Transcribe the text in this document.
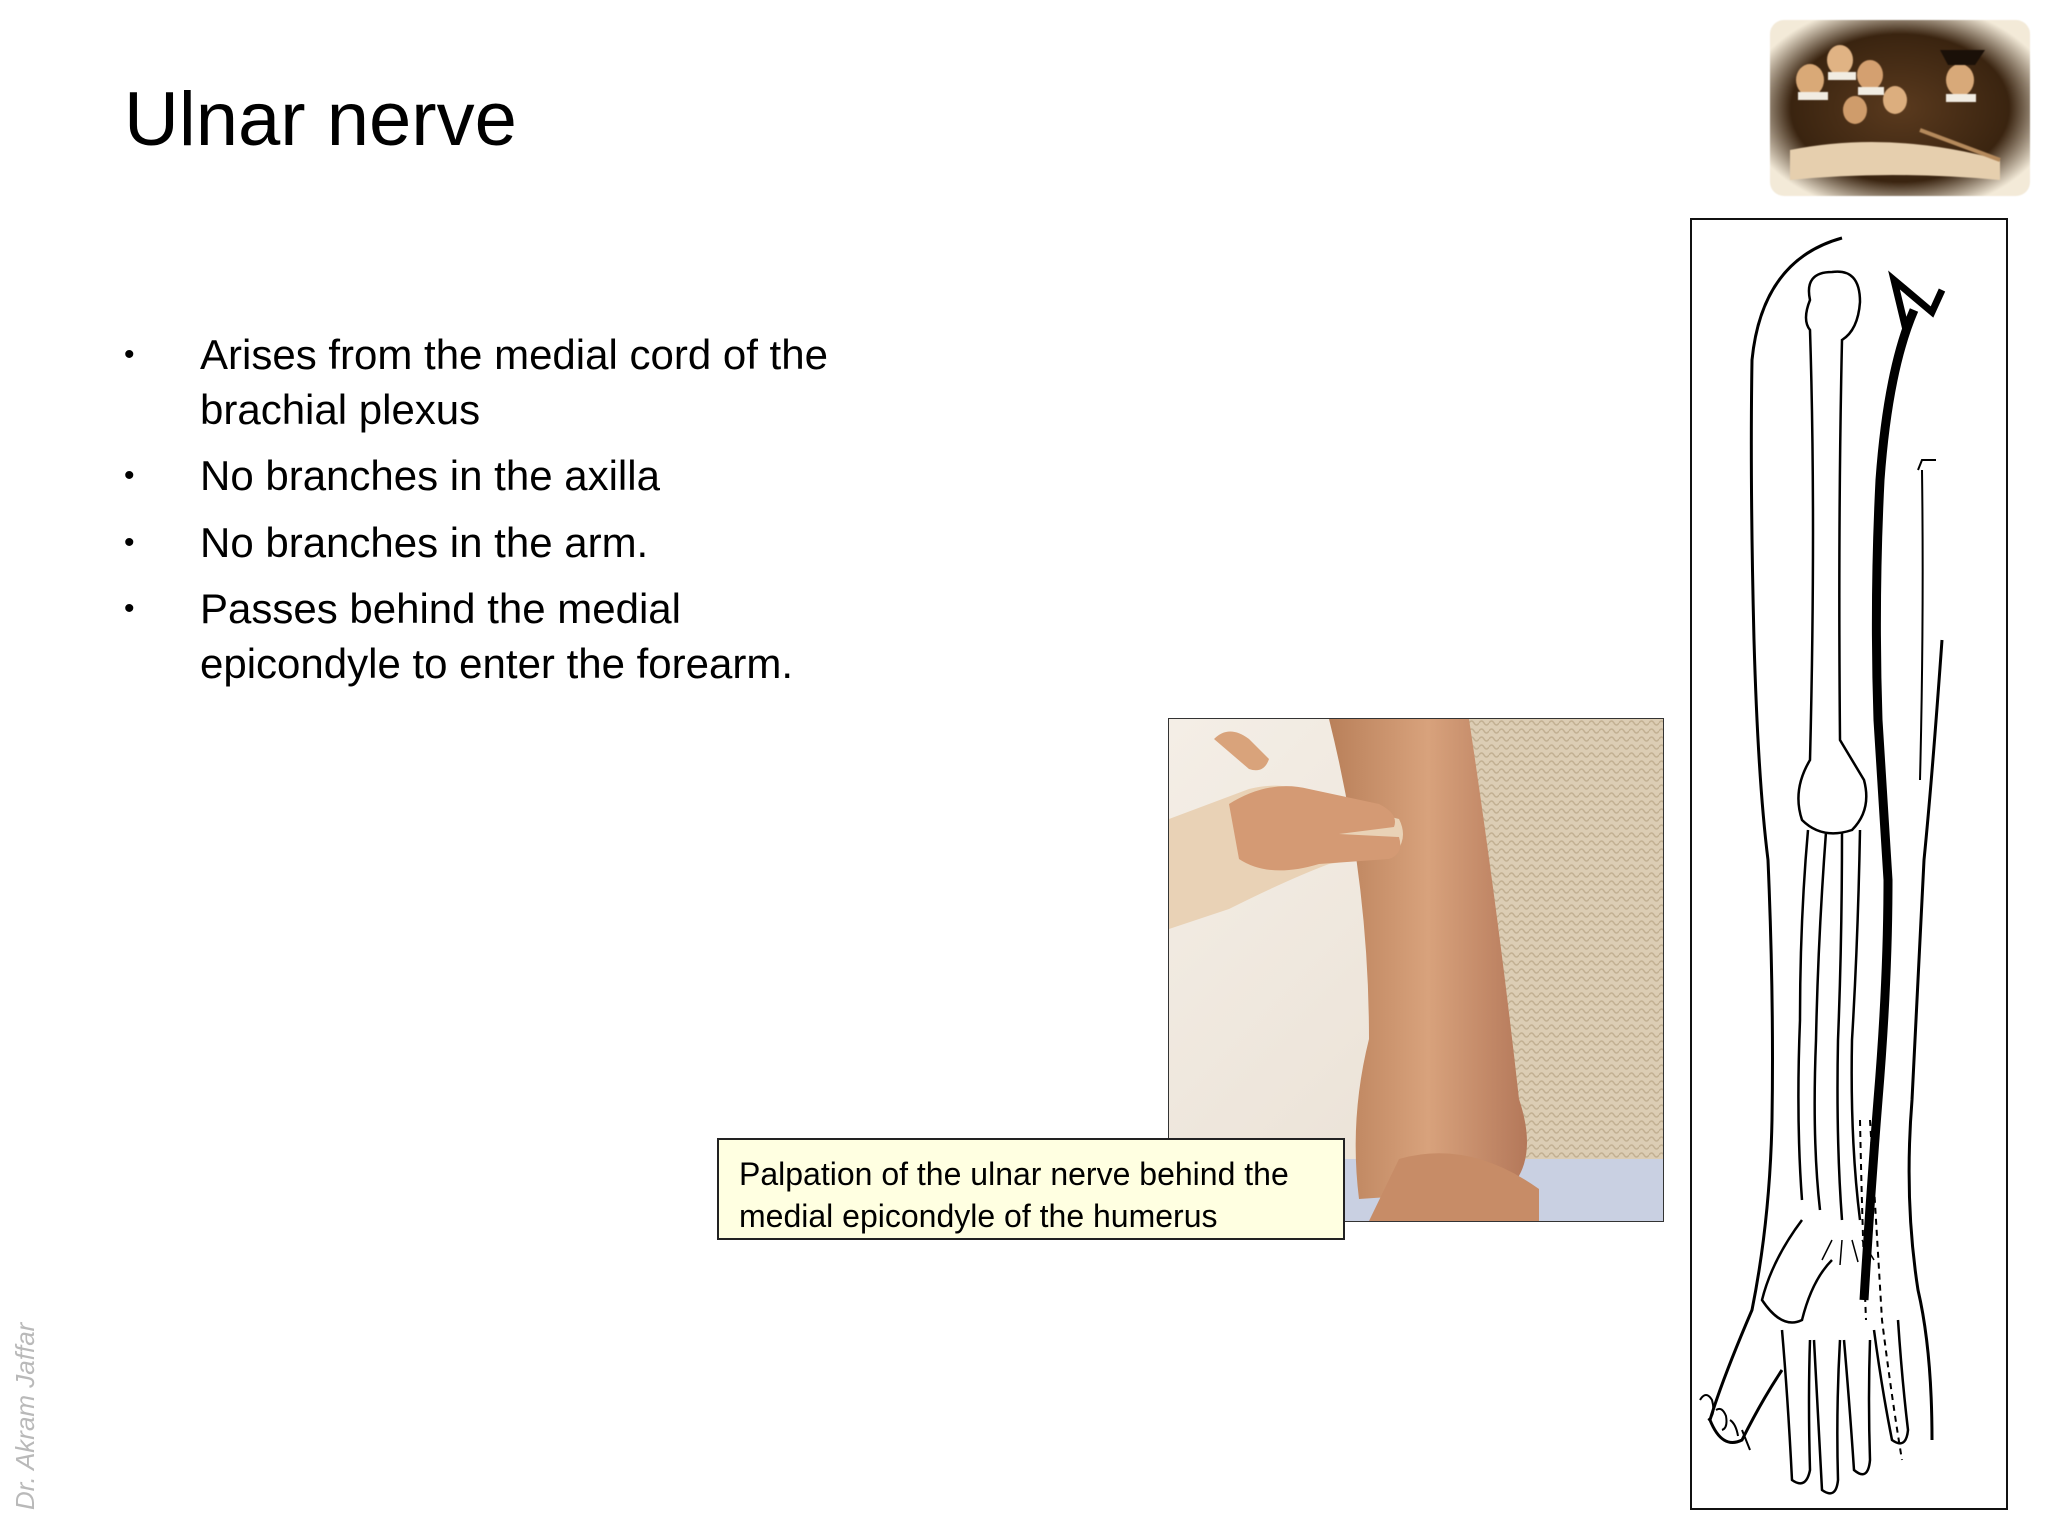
Ulnar nerve
• Arises from the medial cord of the brachial plexus
• No branches in the axilla
• No branches in the arm.
• Passes behind the medial epicondyle to enter the forearm.
Palpation of the ulnar nerve behind the medial epicondyle of the humerus
Dr. Akram Jaffar
